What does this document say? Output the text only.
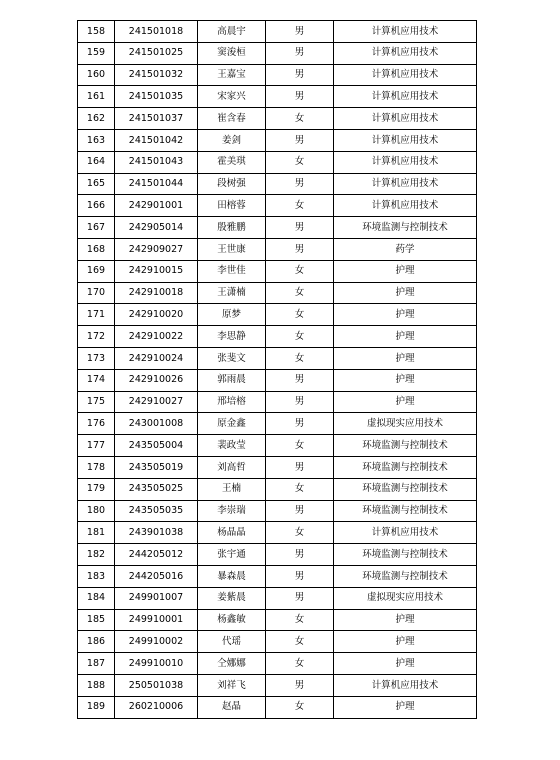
158	241501018	高晨宇	男	计算机应用技术
159	241501025	窦浚桓	男	计算机应用技术
160	241501032	王嘉宝	男	计算机应用技术
161	241501035	宋家兴	男	计算机应用技术
162	241501037	崔含春	女	计算机应用技术
163	241501042	姜剑	男	计算机应用技术
164	241501043	霍美琪	女	计算机应用技术
165	241501044	段树强	男	计算机应用技术
166	242901001	田榕蓉	女	计算机应用技术
167	242905014	殷雅鹏	男	环境监测与控制技术
168	242909027	王世康	男	药学
169	242910015	李世佳	女	护理
170	242910018	王潇楠	女	护理
171	242910020	原梦	女	护理
172	242910022	李思静	女	护理
173	242910024	张斐文	女	护理
174	242910026	郭雨晨	男	护理
175	242910027	邢培榕	男	护理
176	243001008	原金鑫	男	虚拟现实应用技术
177	243505004	裴政莹	女	环境监测与控制技术
178	243505019	刘高哲	男	环境监测与控制技术
179	243505025	王楠	女	环境监测与控制技术
180	243505035	李崇瑞	男	环境监测与控制技术
181	243901038	杨晶晶	女	计算机应用技术
182	244205012	张宇通	男	环境监测与控制技术
183	244205016	暴森晨	男	环境监测与控制技术
184	249901007	姜紫晨	男	虚拟现实应用技术
185	249910001	杨鑫敏	女	护理
186	249910002	代瑶	女	护理
187	249910010	仝娜娜	女	护理
188	250501038	刘祥飞	男	计算机应用技术
189	260210006	赵晶	女	护理
